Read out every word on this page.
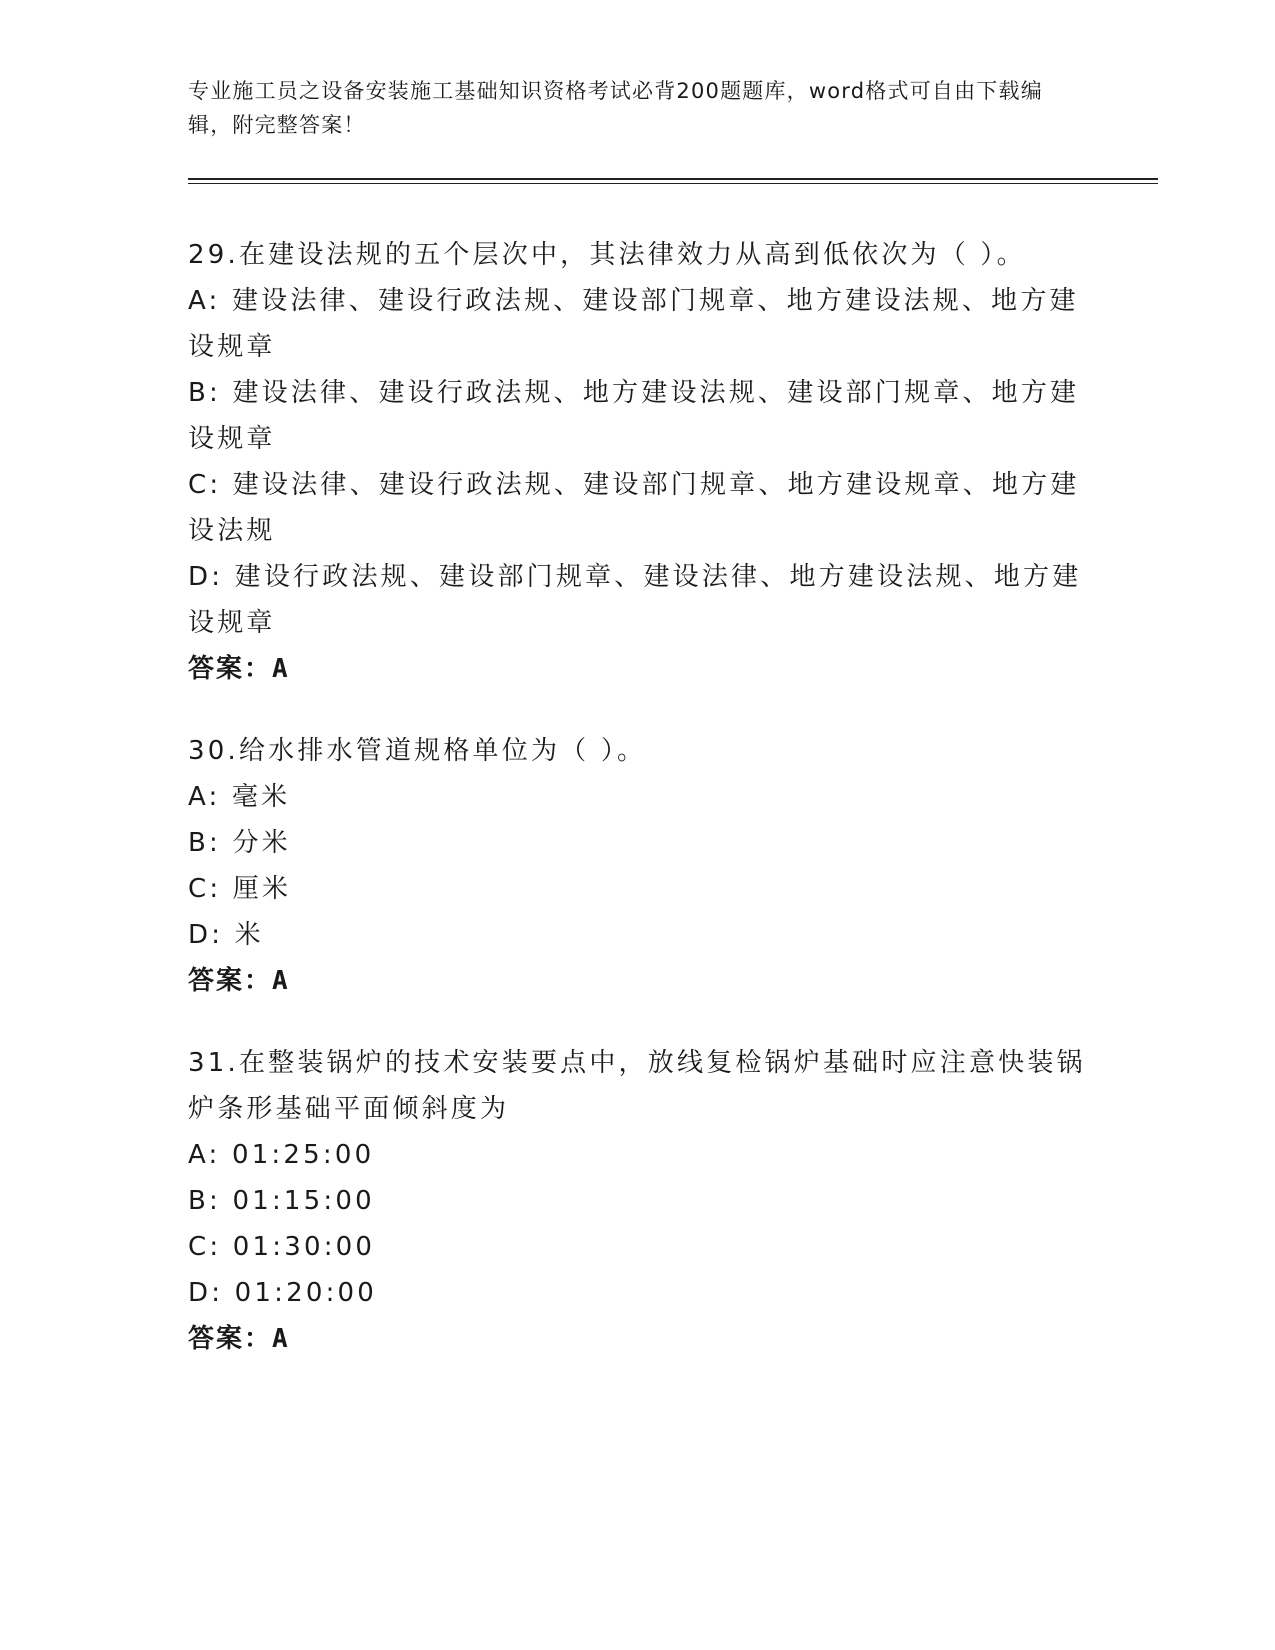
专业施工员之设备安装施工基础知识资格考试必背200题题库，word格式可自由下载编辑，附完整答案！
29.在建设法规的五个层次中，其法律效力从高到低依次为（ ）。
A: 建设法律、建设行政法规、建设部门规章、地方建设法规、地方建设规章
B: 建设法律、建设行政法规、地方建设法规、建设部门规章、地方建设规章
C: 建设法律、建设行政法规、建设部门规章、地方建设规章、地方建设法规
D: 建设行政法规、建设部门规章、建设法律、地方建设法规、地方建设规章
答案：A
30.给水排水管道规格单位为（ ）。
A: 毫米
B: 分米
C: 厘米
D: 米
答案：A
31.在整装锅炉的技术安装要点中，放线复检锅炉基础时应注意快装锅炉条形基础平面倾斜度为
A: 01:25:00
B: 01:15:00
C: 01:30:00
D: 01:20:00
答案：A
